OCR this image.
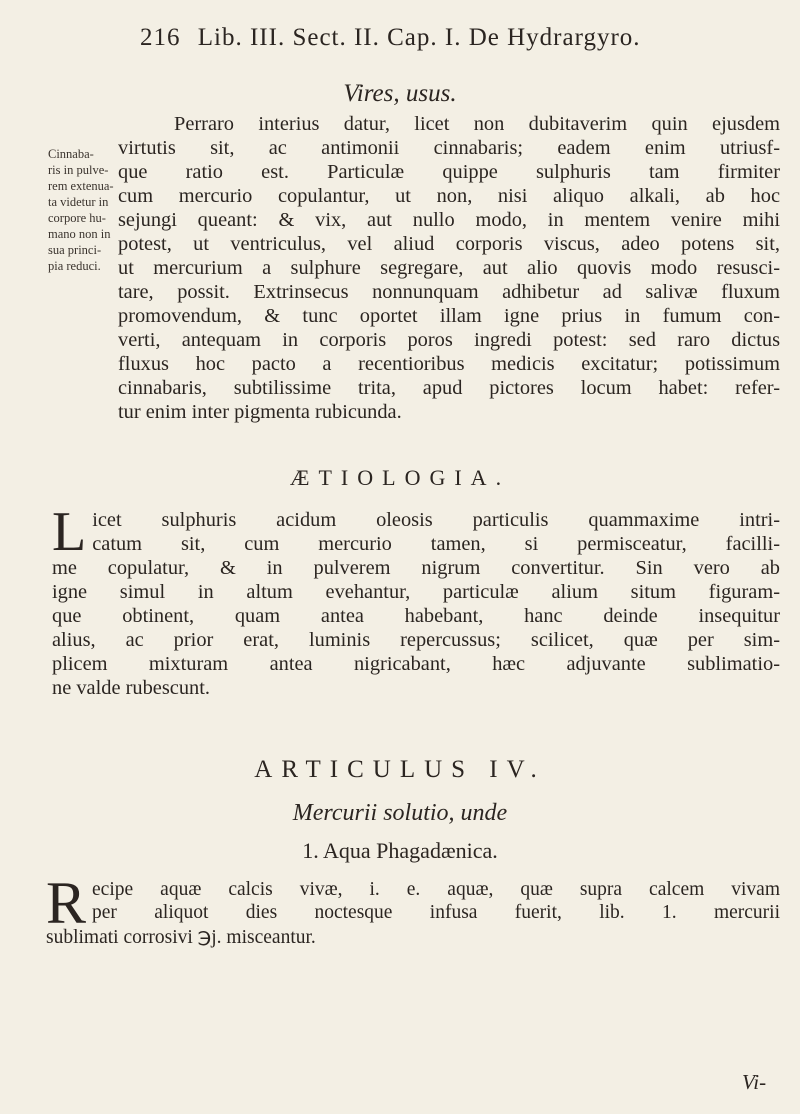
216 Lib. III. Sect. II. Cap. I. De Hydrargyro.
Vires, usus.
Cinnaba-
ris in pulve-
rem extenua-
ta videtur in
corpore hu-
mano non in
sua princi-
pia reduci.
Perraro interius datur, licet non dubitaverim quin ejusdem
virtutis sit, ac antimonii cinnabaris; eadem enim utriusf-
que ratio est. Particulæ quippe sulphuris tam firmiter
cum mercurio copulantur, ut non, nisi aliquo alkali, ab hoc
sejungi queant: & vix, aut nullo modo, in mentem venire mihi
potest, ut ventriculus, vel aliud corporis viscus, adeo potens sit,
ut mercurium a sulphure segregare, aut alio quovis modo resusci-
tare, possit. Extrinsecus nonnunquam adhibetur ad salivæ fluxum
promovendum, & tunc oportet illam igne prius in fumum con-
verti, antequam in corporis poros ingredi potest: sed raro dictus
fluxus hoc pacto a recentioribus medicis excitatur; potissimum
cinnabaris, subtilissime trita, apud pictores locum habet: refer-
tur enim inter pigmenta rubicunda.
ÆTIOLOGIA.
L icet sulphuris acidum oleosis particulis quammaxime intri-
catum sit, cum mercurio tamen, si permisceatur, facilli-
me copulatur, & in pulverem nigrum convertitur. Sin vero ab
igne simul in altum evehantur, particulæ alium situm figuram-
que obtinent, quam antea habebant, hanc deinde insequitur
alius, ac prior erat, luminis repercussus; scilicet, quæ per sim-
plicem mixturam antea nigricabant, hæc adjuvante sublimatio-
ne valde rubescunt.
ARTICULUS IV.
Mercurii solutio, unde
1. Aqua Phagadænica.
R ecipe aquæ calcis vivæ, i. e. aquæ, quæ supra calcem vivam
per aliquot dies noctesque infusa fuerit, lib. 1. mercurii
sublimati corrosivi ℈j. misceantur.
Vi-
